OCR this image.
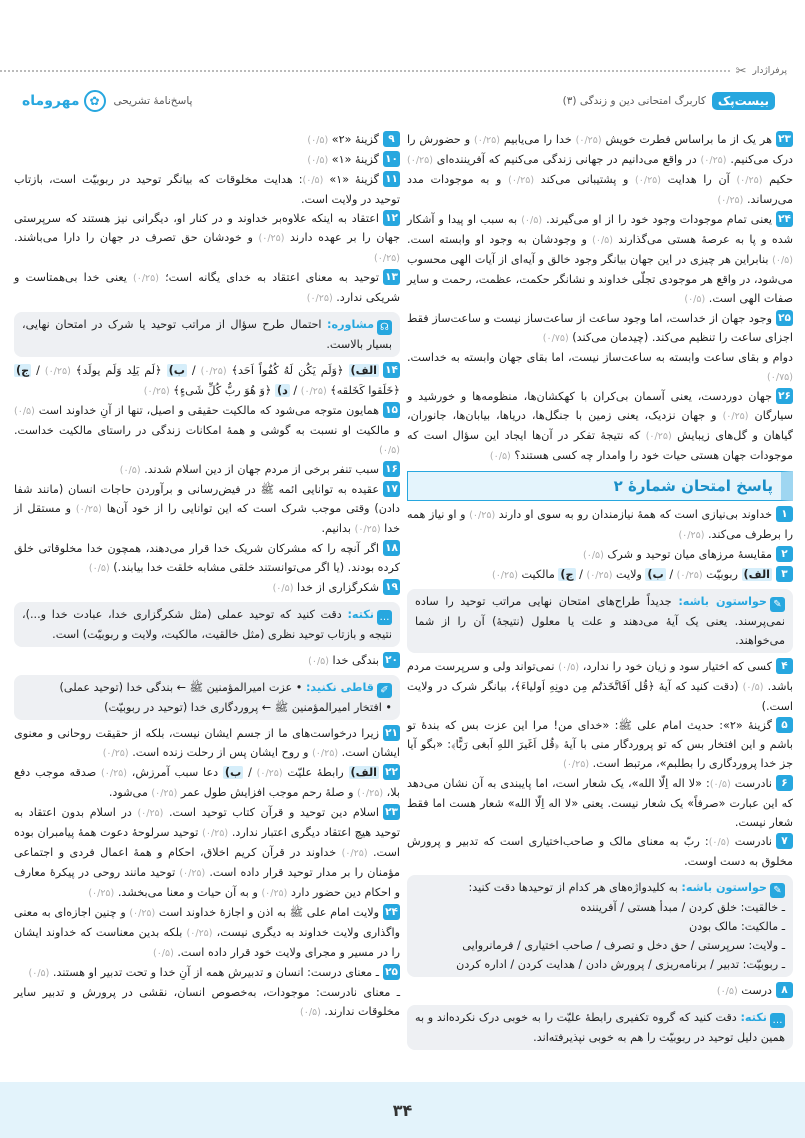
پرفراژدار
✂
بیست‌پک
کاربرگ امتحانی دین و زندگی (۳)
پاسخ‌نامهٔ تشریحی
✿
مهروماه
۲۳هر یک از ما براساس فطرت خویش (۰/۲۵) خدا را می‌یابیم (۰/۲۵) و حضورش را درک می‌کنیم. (۰/۲۵) در واقع می‌دانیم در جهانی زندگی می‌کنیم که آفریننده‌ای (۰/۲۵) حکیم (۰/۲۵) آن را هدایت (۰/۲۵) و پشتیبانی می‌کند (۰/۲۵) و به موجودات مدد می‌رساند. (۰/۲۵)
۲۴یعنی تمام موجودات وجود خود را از او می‌گیرند. (۰/۵) به سبب او پیدا و آشکار شده و پا به عرصهٔ هستی می‌گذارند (۰/۵) و وجودشان به وجود او وابسته است. (۰/۵) بنابراین هر چیزی در این جهان بیانگر وجود خالق و آیه‌ای از آیات الهی محسوب می‌شود، در واقع هر موجودی تجلّی خداوند و نشانگر حکمت، عظمت، رحمت و سایر صفات الهی است. (۰/۵)
۲۵وجود جهان از خداست، اما وجود ساعت از ساعت‌ساز نیست و ساعت‌ساز فقط اجزای ساعت را تنظیم می‌کند. (چیدمان می‌کند) (۰/۷۵)
دوام و بقای ساعت وابسته به ساعت‌ساز نیست، اما بقای جهان وابسته به خداست. (۰/۷۵)
۲۶جهان دوردست، یعنی آسمان بی‌کران با کهکشان‌ها، منظومه‌ها و خورشید و سیارگان (۰/۲۵) و جهان نزدیک، یعنی زمین با جنگل‌ها، دریاها، بیابان‌ها، جانوران، گیاهان و گل‌های زیبایش (۰/۲۵) که نتیجهٔ تفکر در آن‌ها ایجاد این سؤال است که موجودات جهان هستی حیات خود را وامدار چه کسی هستند؟ (۰/۵)
پاسخ امتحان شمارهٔ ۲
۱خداوند بی‌نیازی است که همهٔ نیازمندان رو به سوی او دارند (۰/۲۵) و او نیاز همه را برطرف می‌کند. (۰/۲۵)
۲مقایسهٔ مرزهای میان توحید و شرک (۰/۵)
۳الف) ربوبیّت (۰/۲۵) / ب) ولایت (۰/۲۵) / ج) مالکیت (۰/۲۵)
✎حواستون باشه: جدیداً طراح‌های امتحان نهایی مراتب توحید را ساده نمی‌پرسند. یعنی یک آیهٔ می‌دهند و علت یا معلول (نتیجهٔ) آن را از شما می‌خواهند.
۴کسی که اختیار سود و زیان خود را ندارد، (۰/۵) نمی‌تواند ولی و سرپرست مردم باشد. (۰/۵) (دقت کنید که آیهٔ ﴿قُل اَفَاتَّخَذتُم مِن دونِهِ اَولیاءَ﴾، بیانگر شرک در ولایت است.)
۵گزینهٔ «۲»: حدیث امام علی ﷺ: «خدای من! مرا این عزت بس که بندهٔ تو باشم و این افتخار بس که تو پروردگار منی با آیهٔ ﴿قُل اَغَیرَ اللهِ اَبغی رَبًّا﴾: «بگو آیا جز خدا پروردگاری را بطلبم»، مرتبط است. (۰/۲۵)
۶نادرست (۰/۵): «لا اله اِلّا الله»، یک شعار است، اما پایبندی به آن نشان می‌دهد که این عبارت «صرفاً» یک شعار نیست. یعنی «لا اله اِلّا الله» شعار هست اما فقط شعار نیست.
۷نادرست (۰/۵): ربّ به معنای مالک و صاحب‌اختیاری است که تدبیر و پرورش مخلوق به دست اوست.
✎حواستون باشه: به کلیدواژه‌های هر کدام از توحیدها دقت کنید:
ـ خالقیت: خلق کردن / مبدأ هستی / آفریننده
ـ مالکیت: مالک بودن
ـ ولایت: سرپرستی / حق دخل و تصرف / صاحب اختیاری / فرمانروایی
ـ ربوبیّت: تدبیر / برنامه‌ریزی / پرورش دادن / هدایت کردن / اداره کردن
۸درست (۰/۵)
…نکته: دقت کنید که گروه تکفیری رابطهٔ علیّت را به خوبی درک نکرده‌اند و به همین دلیل توحید در ربوبیّت را هم به خوبی نپذیرفته‌اند.
۹گزینهٔ «۲» (۰/۵)
۱۰گزینهٔ «۱» (۰/۵)
۱۱گزینهٔ «۱» (۰/۵): هدایت مخلوقات که بیانگر توحید در ربوبیّت است، بازتاب توحید در ولایت است.
۱۲اعتقاد به اینکه علاوه‌بر خداوند و در کنار او، دیگرانی نیز هستند که سرپرستی جهان را بر عهده دارند (۰/۲۵) و خودشان حق تصرف در جهان را دارا می‌باشند. (۰/۲۵)
۱۳توحید به معنای اعتقاد به خدای یگانه است؛ (۰/۲۵) یعنی خدا بی‌همتاست و شریکی ندارد. (۰/۲۵)
☊مشاوره: احتمال طرح سؤال از مراتب توحید یا شرک در امتحان نهایی، بسیار بالاست.
۱۴الف) ﴿وَلَم یَکُن لَهُ کُفُواً اَحَد﴾ (۰/۲۵) / ب) ﴿لَم یَلِد وَلَم یولَد﴾ (۰/۲۵) / ج) ﴿خَلَقوا کَخَلقه﴾ (۰/۲۵) / د) ﴿وَ هُوَ ربُّ کُلِّ شَیءٍ﴾ (۰/۲۵)
۱۵همایون متوجه می‌شود که مالکیت حقیقی و اصیل، تنها از آنِ خداوند است (۰/۵) و مالکیت او نسبت به گوشی و همهٔ امکانات زندگی در راستای مالکیت خداست. (۰/۵)
۱۶سبب تنفر برخی از مردم جهان از دین اسلام شدند. (۰/۵)
۱۷عقیده به توانایی ائمه ﷺ در فیض‌رسانی و برآوردن حاجات انسان (مانند شفا دادن) وقتی موجب شرک است که این توانایی را از خود آن‌ها (۰/۲۵) و مستقل از خدا (۰/۲۵) بدانیم.
۱۸اگر آنچه را که مشرکان شریک خدا قرار می‌دهند، همچون خدا مخلوقاتی خلق کرده بودند. (یا اگر می‌توانستند خلقی مشابه خلقت خدا بیابند.) (۰/۵)
۱۹شکرگزاری از خدا (۰/۵)
…نکته: دقت کنید که توحید عملی (مثل شکرگزاری خدا، عبادت خدا و...)، نتیجه و بازتاب توحید نظری (مثل خالقیت، مالکیت، ولایت و ربوبیّت) است.
۲۰بندگی خدا (۰/۵)
✐قاطی نکنید: • عزت امیرالمؤمنین ﷺ ← بندگی خدا (توحید عملی)
• افتخار امیرالمؤمنین ﷺ ← پروردگاری خدا (توحید در ربوبیّت)
۲۱زیرا درخواست‌های ما از جسم ایشان نیست، بلکه از حقیقت روحانی و معنوی ایشان است. (۰/۲۵) و روح ایشان پس از رحلت زنده است. (۰/۲۵)
۲۲الف) رابطهٔ علیّت (۰/۲۵) / ب) دعا سبب آمرزش، (۰/۲۵) صدقه موجب دفع بلا، (۰/۲۵) و صلهٔ رحم موجب افزایش طول عمر (۰/۲۵) می‌شود.
۲۳اسلام دین توحید و قرآن کتاب توحید است. (۰/۲۵) در اسلام بدون اعتقاد به توحید هیچ اعتقاد دیگری اعتبار ندارد. (۰/۲۵) توحید سرلوحهٔ دعوت همهٔ پیامبران بوده است. (۰/۲۵) خداوند در قرآن کریم اخلاق، احکام و همهٔ اعمال فردی و اجتماعی مؤمنان را بر مدار توحید قرار داده است. (۰/۲۵) توحید مانند روحی در پیکرهٔ معارف و احکام دین حضور دارد (۰/۲۵) و به آن حیات و معنا می‌بخشد. (۰/۲۵)
۲۴ولایت امام علی ﷺ به اذن و اجازهٔ خداوند است (۰/۲۵) و چنین اجازه‌ای به معنی واگذاری ولایت خداوند به دیگری نیست، (۰/۲۵) بلکه بدین معناست که خداوند ایشان را در مسیر و مجرای ولایت خود قرار داده است. (۰/۵)
۲۵ـ معنای درست: انسان و تدبیرش همه از آنِ خدا و تحت تدبیر او هستند. (۰/۵)
ـ معنای نادرست: موجودات، به‌خصوص انسان، نقشی در پرورش و تدبیر سایر مخلوقات ندارند. (۰/۵)
۳۴
